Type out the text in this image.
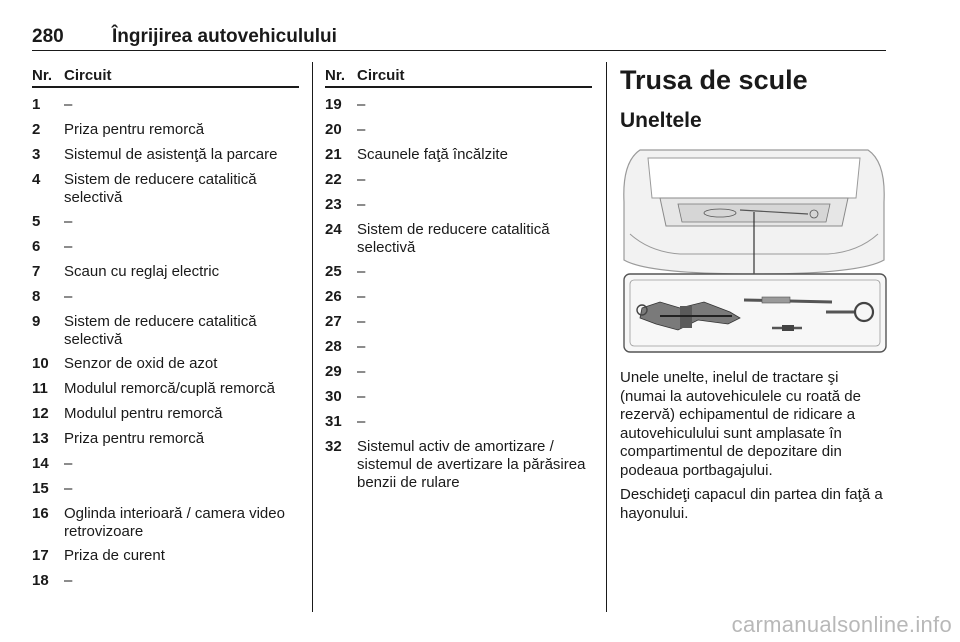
280	Îngrijirea autovehiculului
Nr. Circuit
1	–
2	Priza pentru remorcă
3	Sistemul de asistenţă la parcare
4	Sistem de reducere catalitică selectivă
5	–
6	–
7	Scaun cu reglaj electric
8	–
9	Sistem de reducere catalitică selectivă
10	Senzor de oxid de azot
11	Modulul remorcă/cuplă remorcă
12	Modulul pentru remorcă
13	Priza pentru remorcă
14	–
15	–
16	Oglinda interioară / camera video retrovizoare
17	Priza de curent
18	–
Nr. Circuit
19	–
20	–
21	Scaunele faţă încălzite
22	–
23	–
24	Sistem de reducere catalitică selectivă
25	–
26	–
27	–
28	–
29	–
30	–
31	–
32	Sistemul activ de amortizare / sistemul de avertizare la părăsirea benzii de rulare
Trusa de scule
Uneltele
Unele unelte, inelul de tractare şi (numai la autovehiculele cu roată de rezervă) echipamentul de ridicare a autovehiculului sunt amplasate în compartimentul de depozitare din podeaua portbagajului.
Deschideţi capacul din partea din faţă a hayonului.
carmanualsonline.info
